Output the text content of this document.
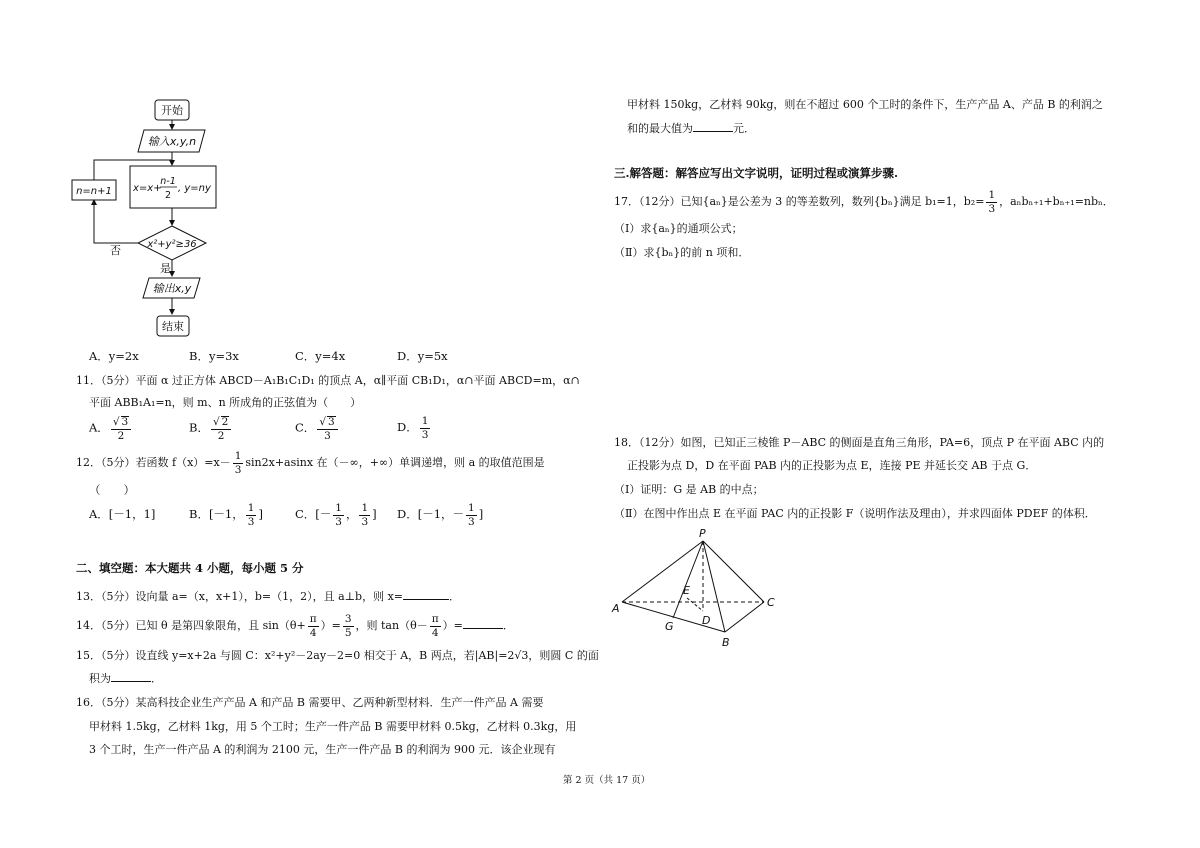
开始
输入x,y,n
x=x+
n-1
2
, y=ny
x²+y²≥36
n=n+1
否
是
输出x,y
结束
A．y=2x	B．y=3x	C．y=4x	D．y=5x
11．（5分）平面 α 过正方体 ABCD－A₁B₁C₁D₁ 的顶点 A，α∥平面 CB₁D₁，α∩平面 ABCD=m，α∩
平面 ABB₁A₁=n，则 m、n 所成角的正弦值为（　　）
A． $\frac{√ 3}{2}$	B． $\frac{√ 2}{2}$	C． $\frac{√ 3}{3}$	D． $\frac{1}{3}$
12．（5分）若函数 $f(x)=x- \frac{1}{3} \sin 2x+asinx$ 在（－∞，+∞）单调递增，则 a 的取值范围是
（　　）
A．[－1，1]	B．[－1， $\frac{1}{3}$ ]	C．[－ $\frac{1}{3}$ ， $\frac{1}{3}$ ] D．[－1，－ $\frac{1}{3}$ ]
二、填空题：本大题共 4 小题，每小题 5 分
13．（5分）设向量 a=（x，x+1），b=（1，2），且 a⊥b，则 x=	．
14．（5分）已知 θ 是第四象限角，且 $\sin(\theta+ \frac{\pi}{4}$ ）= $\frac{3}{5}$ ，则 $\tan(\theta- \frac{\pi}{4}$ ）=	．
15．（5分）设直线 y=x+2a 与圆 C：x²+y²－2ay－2=0 相交于 A，B 两点，若|AB|=2√3，则圆 C 的面
积为	．
16．（5分）某高科技企业生产产品 A 和产品 B 需要甲、乙两种新型材料．生产一件产品 A 需要
甲材料 1.5kg，乙材料 1kg，用 5 个工时；生产一件产品 B 需要甲材料 0.5kg，乙材料 0.3kg，用
3 个工时，生产一件产品 A 的利润为 2100 元，生产一件产品 B 的利润为 900 元．该企业现有
第 2 页（共 17 页）
甲材料 150kg，乙材料 90kg，则在不超过 600 个工时的条件下，生产产品 A、产品 B 的利润之
和的最大值为	元．
三.解答题：解答应写出文字说明，证明过程或演算步骤.
17．（12分）已知{aₙ}是公差为 3 的等差数列，数列{bₙ}满足 b₁=1，$b_2= \frac{1}{3}$ ，aₙbₙ₊₁+bₙ₊₁=nbₙ．
（Ⅰ）求{aₙ}的通项公式；
（Ⅱ）求{bₙ}的前 n 项和．
18．（12分）如图，已知正三棱锥 P－ABC 的侧面是直角三角形，PA=6，顶点 P 在平面 ABC 内的
正投影为点 D，D 在平面 PAB 内的正投影为点 E，连接 PE 并延长交 AB 于点 G．
（Ⅰ）证明：G 是 AB 的中点；
（Ⅱ）在图中作出点 E 在平面 PAC 内的正投影 F（说明作法及理由），并求四面体 PDEF 的体积．
P
A
B
C
D
E
G
